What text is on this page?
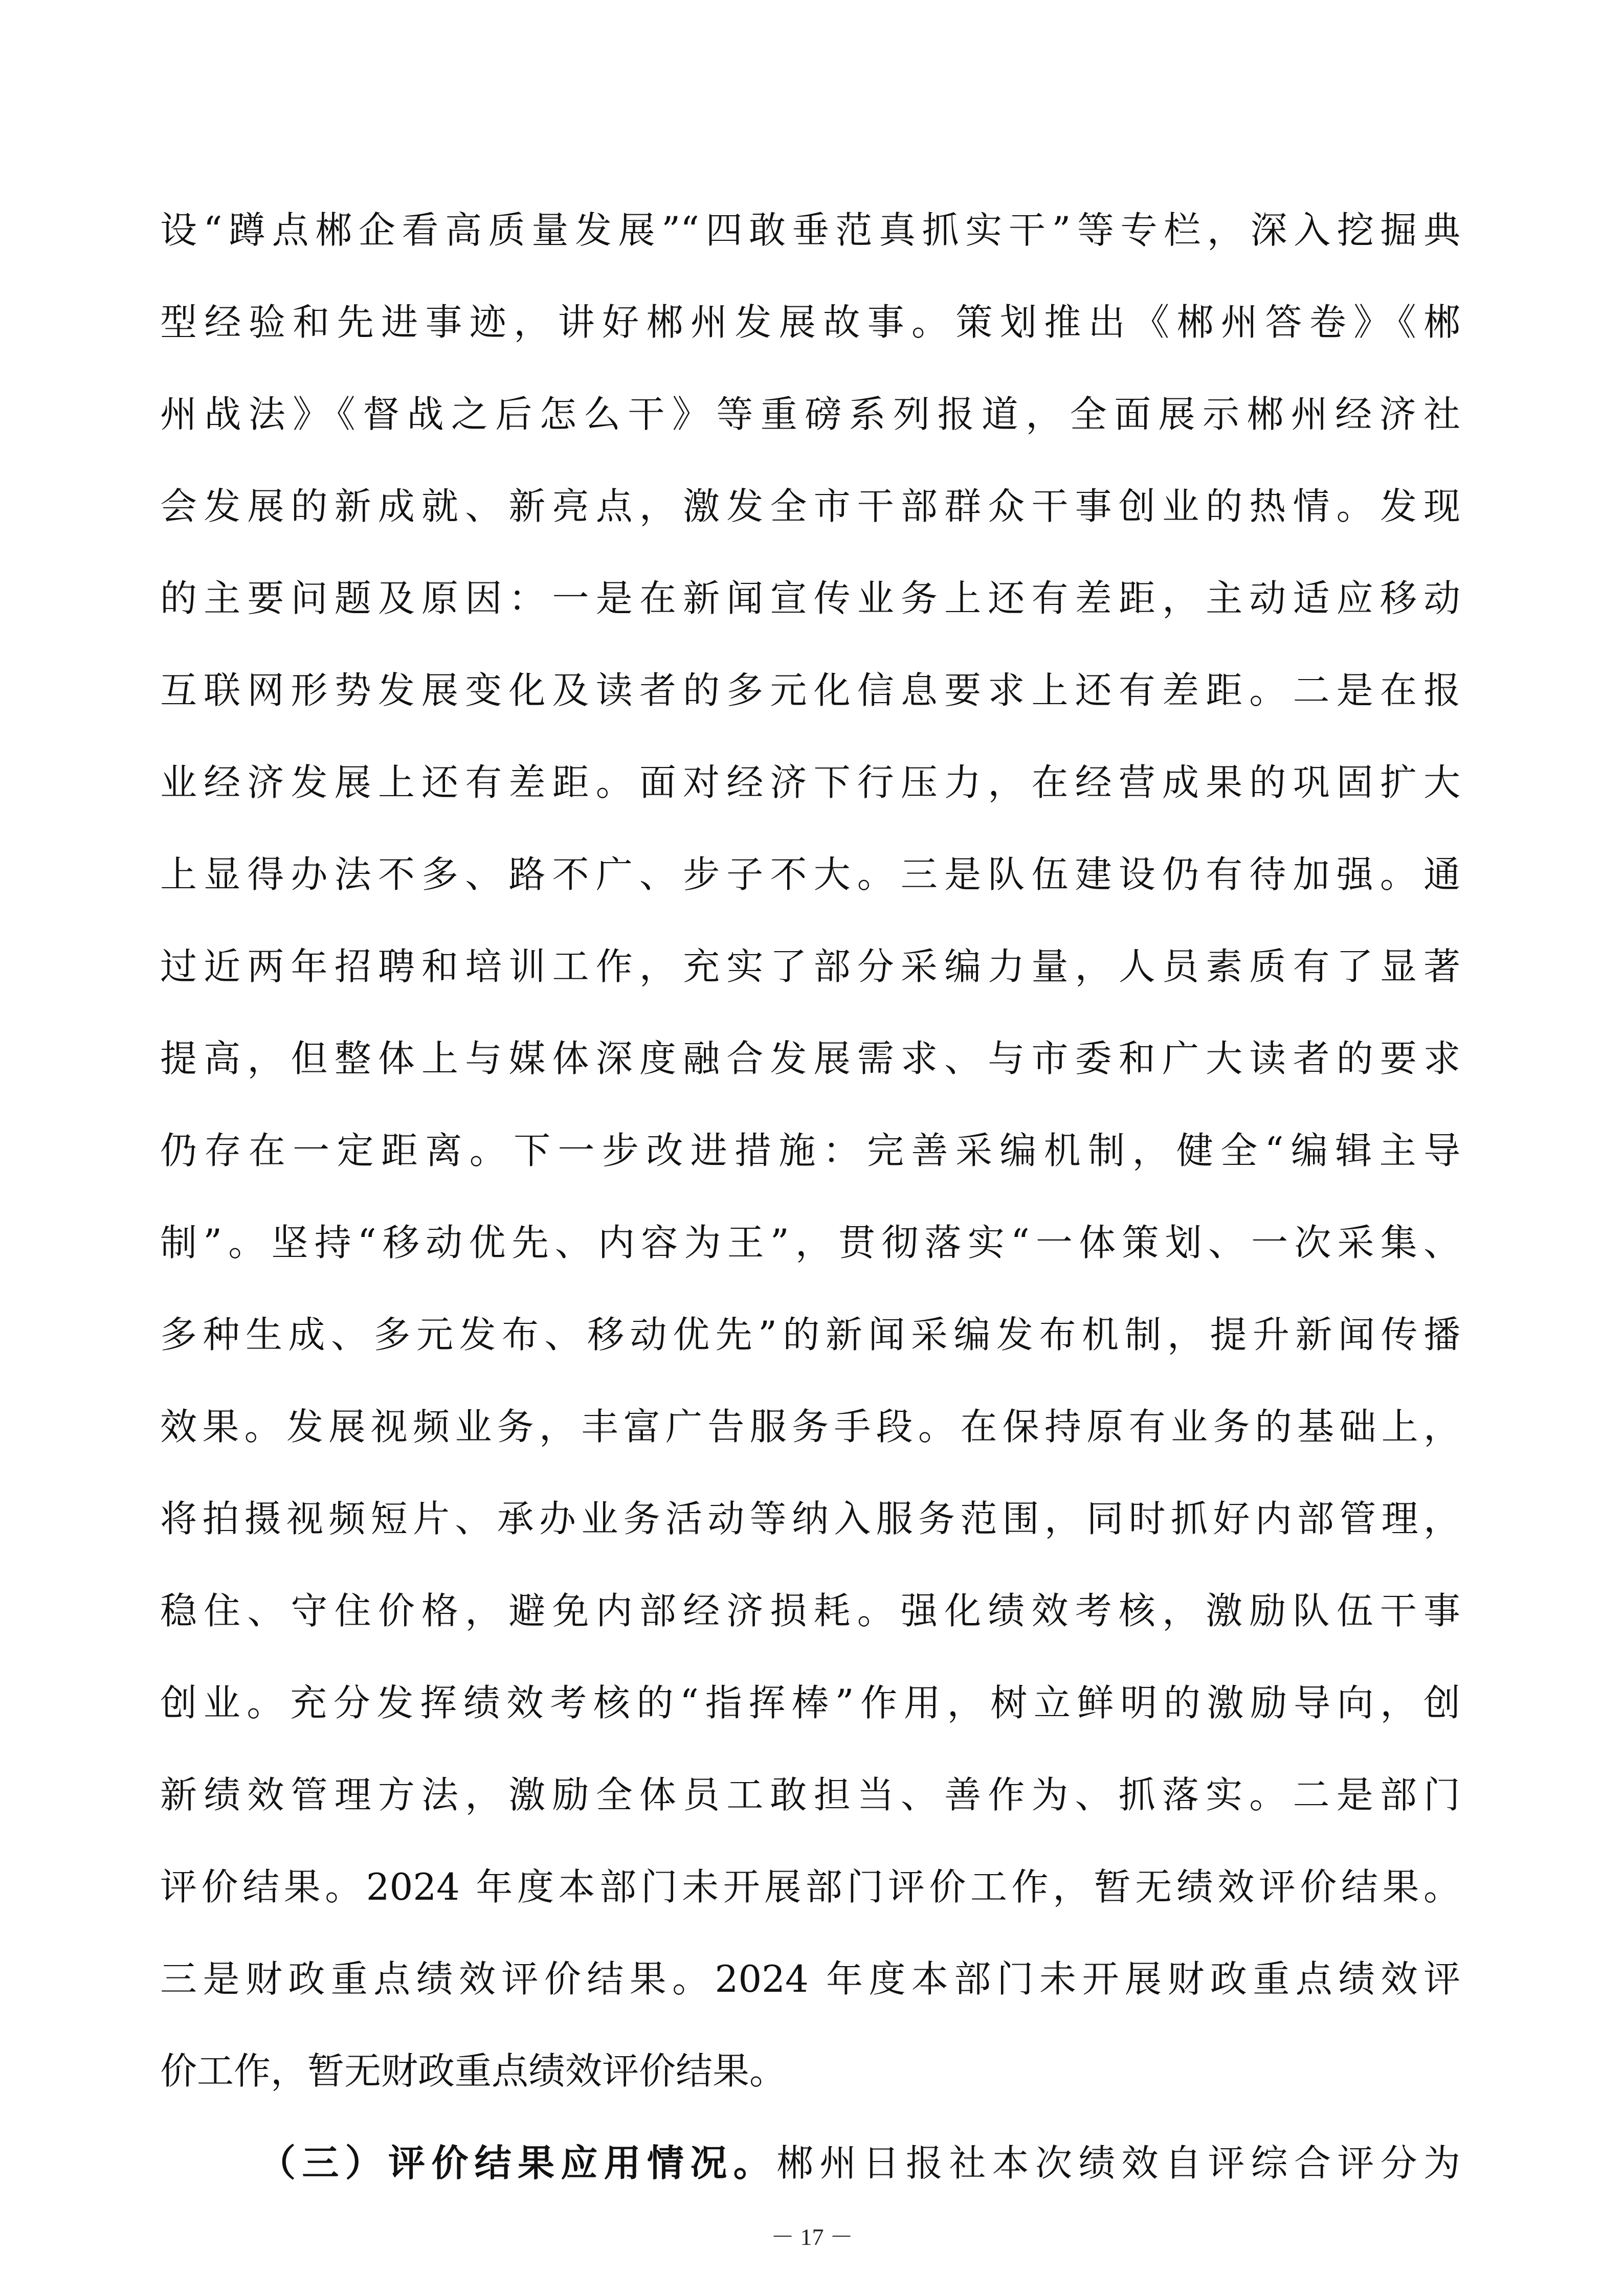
设“蹲点郴企看高质量发展”“四敢垂范真抓实干”等专栏，深入挖掘典
型经验和先进事迹，讲好郴州发展故事。策划推出《郴州答卷》《郴
州战法》《督战之后怎么干》等重磅系列报道，全面展示郴州经济社
会发展的新成就、新亮点，激发全市干部群众干事创业的热情。发现
的主要问题及原因：一是在新闻宣传业务上还有差距，主动适应移动
互联网形势发展变化及读者的多元化信息要求上还有差距。二是在报
业经济发展上还有差距。面对经济下行压力，在经营成果的巩固扩大
上显得办法不多、路不广、步子不大。三是队伍建设仍有待加强。通
过近两年招聘和培训工作，充实了部分采编力量，人员素质有了显著
提高，但整体上与媒体深度融合发展需求、与市委和广大读者的要求
仍存在一定距离。下一步改进措施：完善采编机制，健全“编辑主导
制”。坚持“移动优先、内容为王”，贯彻落实“一体策划、一次采集、
多种生成、多元发布、移动优先”的新闻采编发布机制，提升新闻传播
效果。发展视频业务，丰富广告服务手段。在保持原有业务的基础上，
将拍摄视频短片、承办业务活动等纳入服务范围，同时抓好内部管理，
稳住、守住价格，避免内部经济损耗。强化绩效考核，激励队伍干事
创业。充分发挥绩效考核的“指挥棒”作用，树立鲜明的激励导向，创
新绩效管理方法，激励全体员工敢担当、善作为、抓落实。二是部门
评价结果。2024 年度本部门未开展部门评价工作，暂无绩效评价结果。
三是财政重点绩效评价结果。2024 年度本部门未开展财政重点绩效评
价工作，暂无财政重点绩效评价结果。
（三）评价结果应用情况。郴州日报社本次绩效自评综合评分为
－ 17 －
